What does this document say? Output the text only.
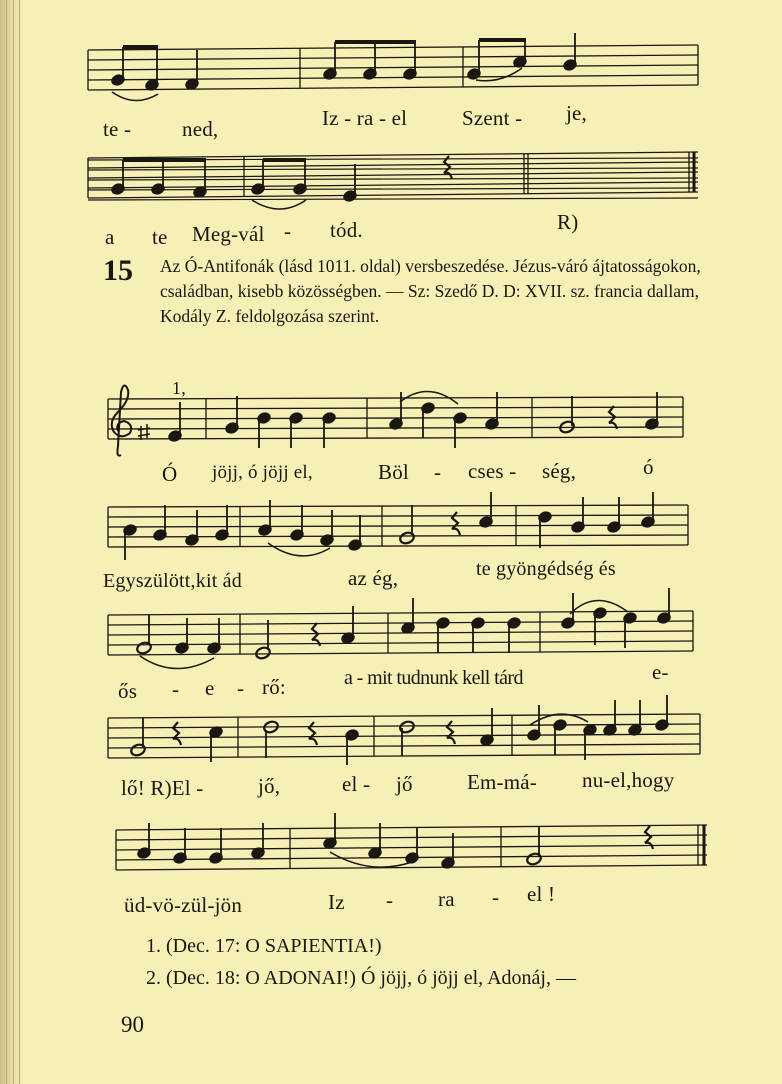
te - ned,	Iz - ra - el	Szent - je,
a te Meg-vál - tód.	R)
15 Az Ó-Antifonák (lásd 1011. oldal) versbeszedése. Jézus-váró ájtatosságokon, családban, kisebb közösségben. — Sz: Szedő D. D: XVII. sz. francia dallam, Kodály Z. feldolgozása szerint.
1,
Ó jöjj, ó jöjj el,	Böl - cses - ség,	ó
Egyszülött,kit ád	az ég,	te gyöngédség és
ős - e - rő:	a - mit tudnunk kell tárd	e-
lő! R)El -	jő,	el - jő	Em-má- nu-el,hogy
üd-vö-zül-jön	Iz - ra - el !
1. (Dec. 17: O SAPIENTIA!)
2. (Dec. 18: O ADONAI!) Ó jöjj, ó jöjj el, Adonáj, —
90
